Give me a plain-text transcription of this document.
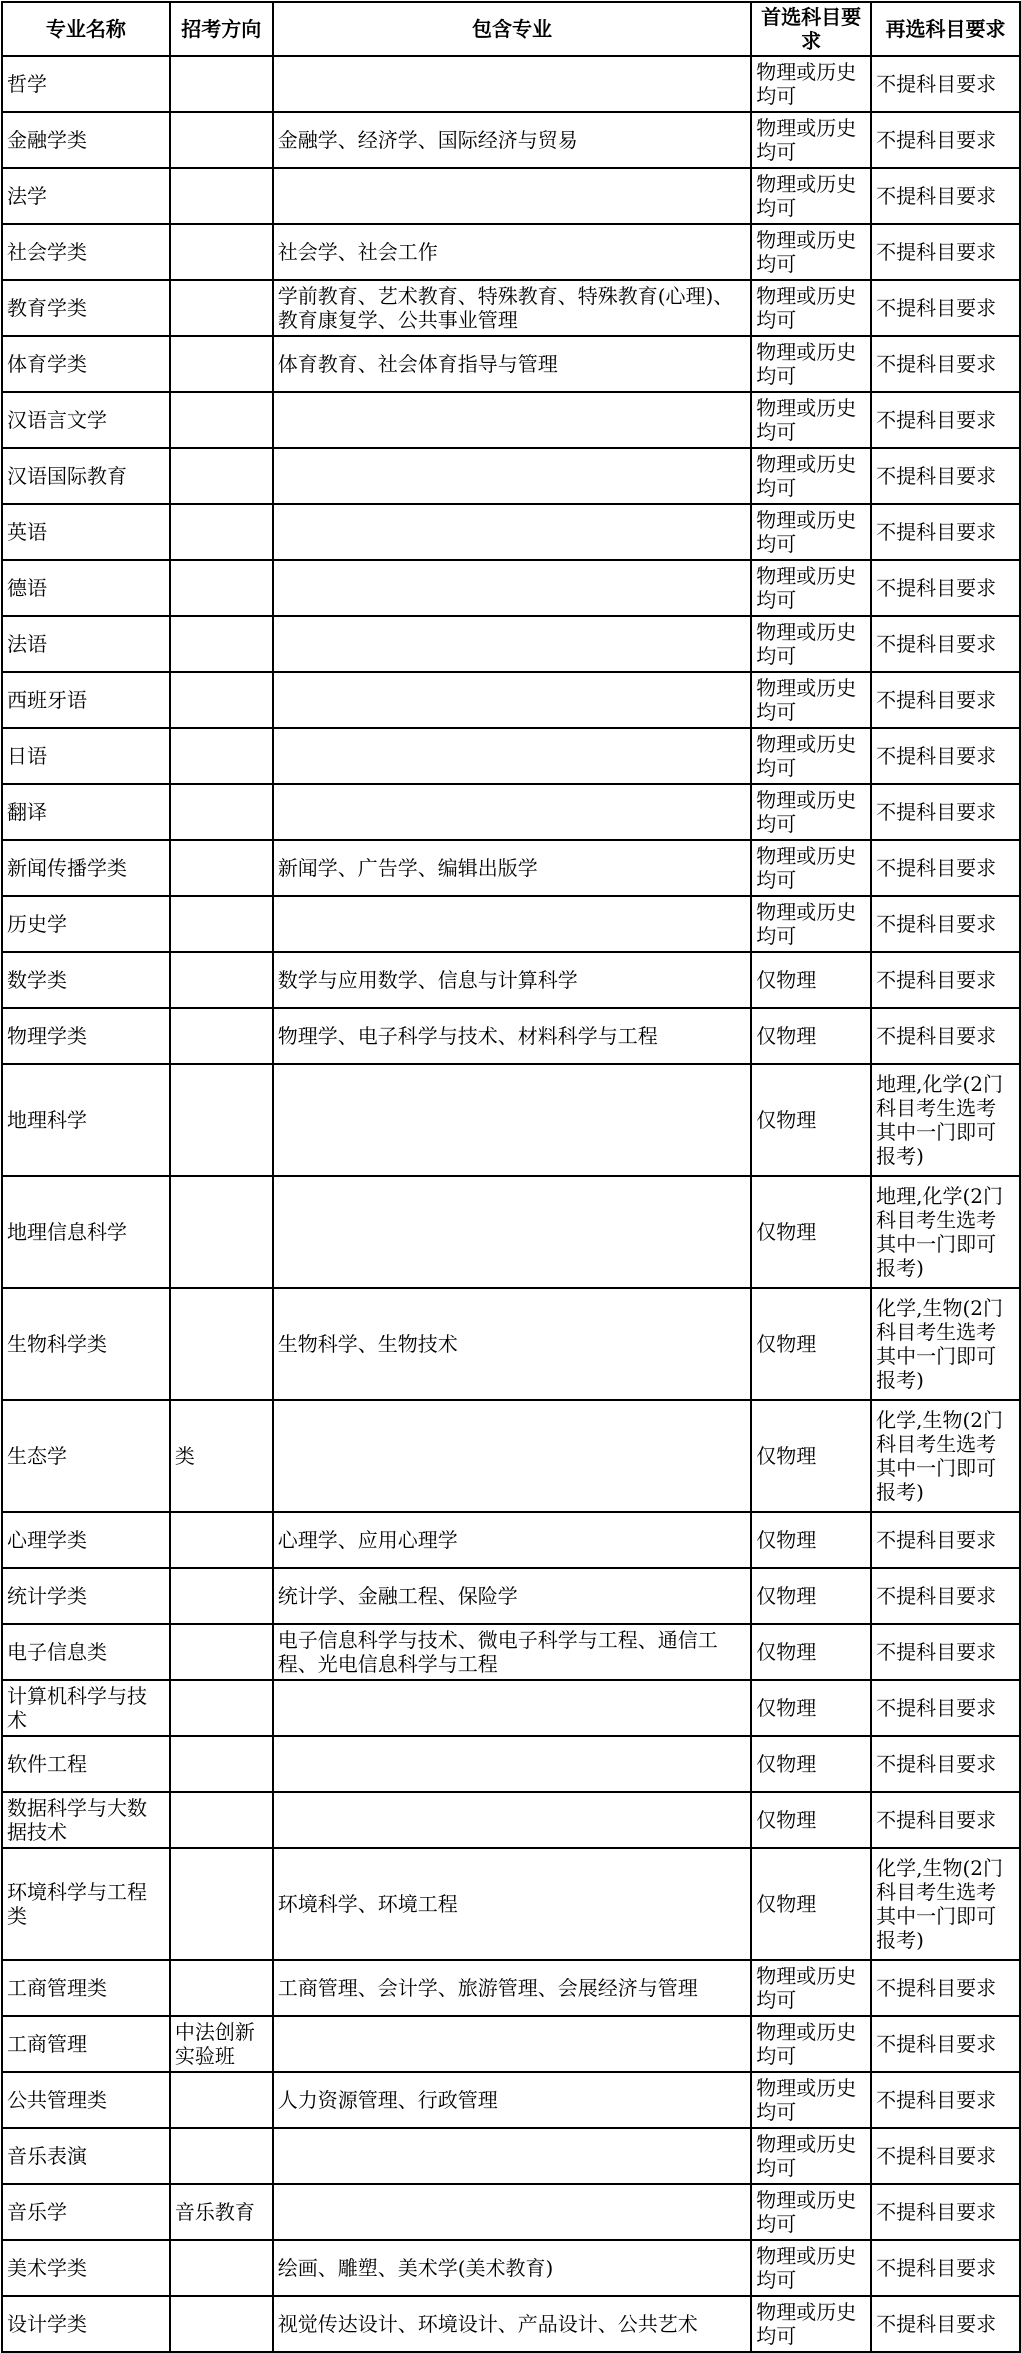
专业名称	招考方向	包含专业	首选科目要求	再选科目要求
哲学			物理或历史均可	不提科目要求
金融学类		金融学、经济学、国际经济与贸易	物理或历史均可	不提科目要求
法学			物理或历史均可	不提科目要求
社会学类		社会学、社会工作	物理或历史均可	不提科目要求
教育学类		学前教育、艺术教育、特殊教育、特殊教育(心理)、教育康复学、公共事业管理	物理或历史均可	不提科目要求
体育学类		体育教育、社会体育指导与管理	物理或历史均可	不提科目要求
汉语言文学			物理或历史均可	不提科目要求
汉语国际教育			物理或历史均可	不提科目要求
英语			物理或历史均可	不提科目要求
德语			物理或历史均可	不提科目要求
法语			物理或历史均可	不提科目要求
西班牙语			物理或历史均可	不提科目要求
日语			物理或历史均可	不提科目要求
翻译			物理或历史均可	不提科目要求
新闻传播学类		新闻学、广告学、编辑出版学	物理或历史均可	不提科目要求
历史学			物理或历史均可	不提科目要求
数学类		数学与应用数学、信息与计算科学	仅物理	不提科目要求
物理学类		物理学、电子科学与技术、材料科学与工程	仅物理	不提科目要求
地理科学			仅物理	地理,化学(2门科目考生选考其中一门即可报考)
地理信息科学			仅物理	地理,化学(2门科目考生选考其中一门即可报考)
生物科学类		生物科学、生物技术	仅物理	化学,生物(2门科目考生选考其中一门即可报考)
生态学	类		仅物理	化学,生物(2门科目考生选考其中一门即可报考)
心理学类		心理学、应用心理学	仅物理	不提科目要求
统计学类		统计学、金融工程、保险学	仅物理	不提科目要求
电子信息类		电子信息科学与技术、微电子科学与工程、通信工程、光电信息科学与工程	仅物理	不提科目要求
计算机科学与技术			仅物理	不提科目要求
软件工程			仅物理	不提科目要求
数据科学与大数据技术			仅物理	不提科目要求
环境科学与工程类		环境科学、环境工程	仅物理	化学,生物(2门科目考生选考其中一门即可报考)
工商管理类		工商管理、会计学、旅游管理、会展经济与管理	物理或历史均可	不提科目要求
工商管理	中法创新实验班		物理或历史均可	不提科目要求
公共管理类		人力资源管理、行政管理	物理或历史均可	不提科目要求
音乐表演			物理或历史均可	不提科目要求
音乐学	音乐教育		物理或历史均可	不提科目要求
美术学类		绘画、雕塑、美术学(美术教育)	物理或历史均可	不提科目要求
设计学类		视觉传达设计、环境设计、产品设计、公共艺术	物理或历史均可	不提科目要求
